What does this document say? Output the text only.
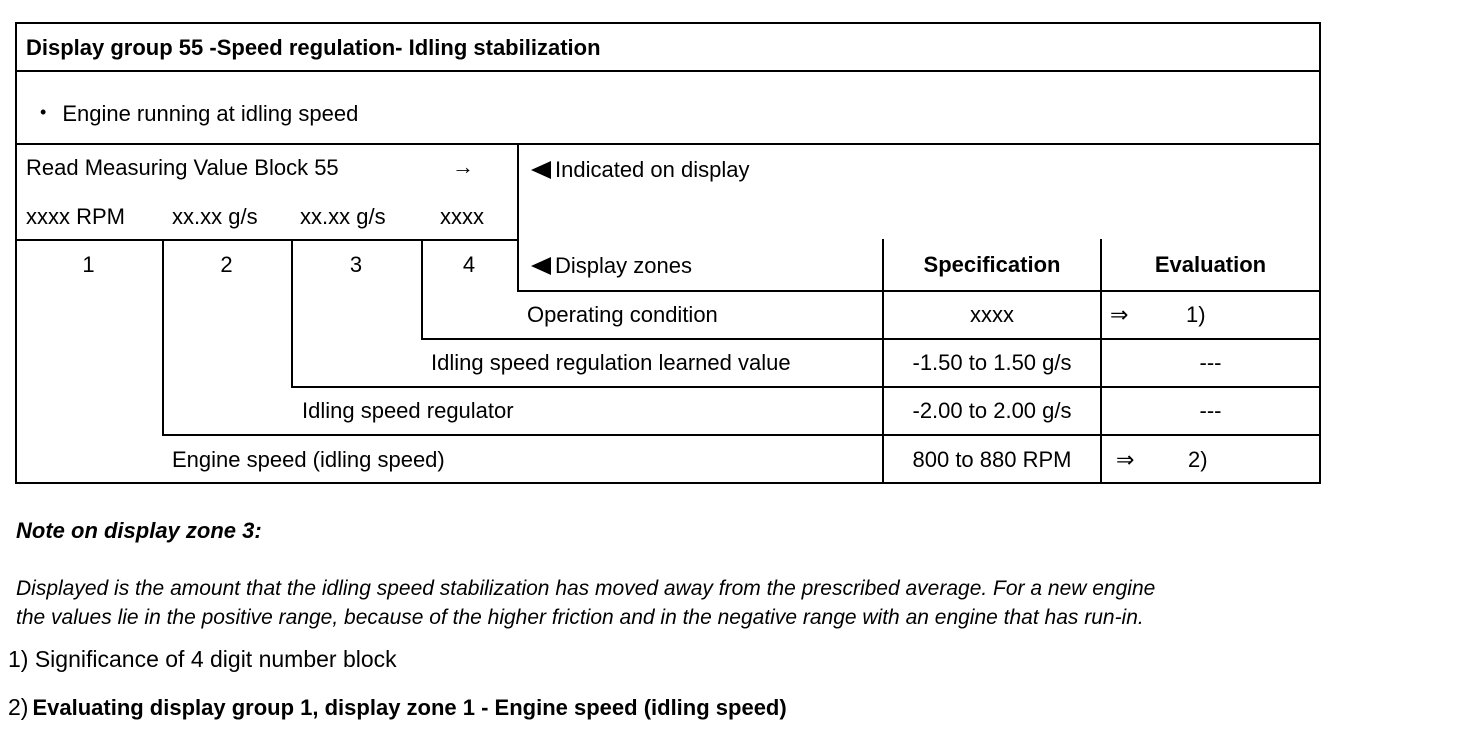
Display group 55 -Speed regulation- Idling stabilization
• Engine running at idling speed
Read Measuring Value Block 55	→	Indicated on display
xxxx RPM xx.xx g/s xx.xx g/s xxxx
1	2	3	4	Display zones	Specification	Evaluation
Operating condition	xxxx	⇒	1)
Idling speed regulation learned value	-1.50 to 1.50 g/s	---
Idling speed regulator	-2.00 to 2.00 g/s	---
Engine speed (idling speed)	800 to 880 RPM	⇒ 2)
Note on display zone 3:
Displayed is the amount that the idling speed stabilization has moved away from the prescribed average. For a new engine
the values lie in the positive range, because of the higher friction and in the negative range with an engine that has run-in.
1) Significance of 4 digit number block
2) Evaluating display group 1, display zone 1 - Engine speed (idling speed)
